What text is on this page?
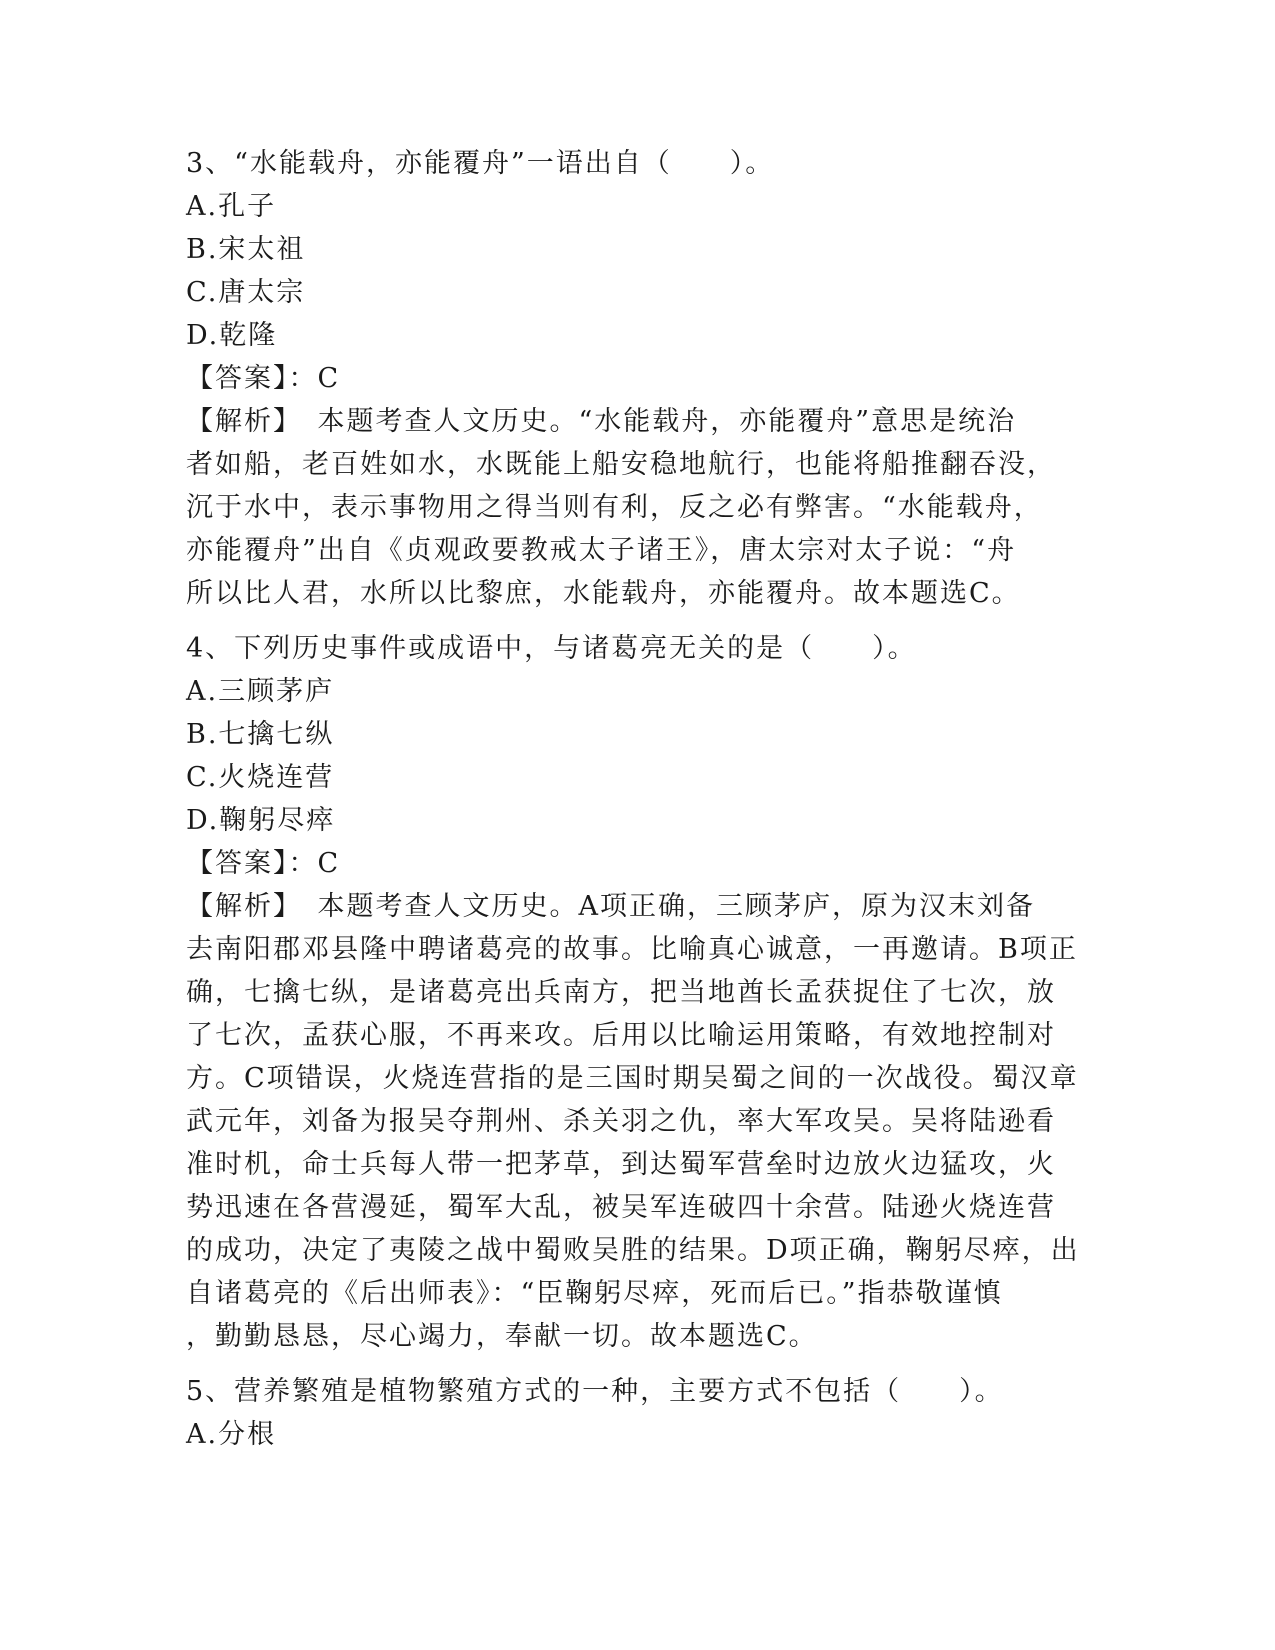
3、“水能载舟，亦能覆舟”一语出自（　　）。
A.孔子
B.宋太祖
C.唐太宗
D.乾隆
【答案】：C
【解析】　本题考查人文历史。“水能载舟，亦能覆舟”意思是统治
者如船，老百姓如水，水既能上船安稳地航行，也能将船推翻吞没，
沉于水中，表示事物用之得当则有利，反之必有弊害。“水能载舟，
亦能覆舟”出自《贞观政要教戒太子诸王》，唐太宗对太子说：“舟
所以比人君，水所以比黎庶，水能载舟，亦能覆舟。故本题选C。
4、下列历史事件或成语中，与诸葛亮无关的是（　　）。
A.三顾茅庐
B.七擒七纵
C.火烧连营
D.鞠躬尽瘁
【答案】：C
【解析】　本题考查人文历史。A项正确，三顾茅庐，原为汉末刘备
去南阳郡邓县隆中聘诸葛亮的故事。比喻真心诚意，一再邀请。B项正
确，七擒七纵，是诸葛亮出兵南方，把当地酋长孟获捉住了七次，放
了七次，孟获心服，不再来攻。后用以比喻运用策略，有效地控制对
方。C项错误，火烧连营指的是三国时期吴蜀之间的一次战役。蜀汉章
武元年，刘备为报吴夺荆州、杀关羽之仇，率大军攻吴。吴将陆逊看
准时机，命士兵每人带一把茅草，到达蜀军营垒时边放火边猛攻，火
势迅速在各营漫延，蜀军大乱，被吴军连破四十余营。陆逊火烧连营
的成功，决定了夷陵之战中蜀败吴胜的结果。D项正确，鞠躬尽瘁，出
自诸葛亮的《后出师表》：“臣鞠躬尽瘁，死而后已。”指恭敬谨慎
，勤勤恳恳，尽心竭力，奉献一切。故本题选C。
5、营养繁殖是植物繁殖方式的一种，主要方式不包括（　　）。
A.分根
